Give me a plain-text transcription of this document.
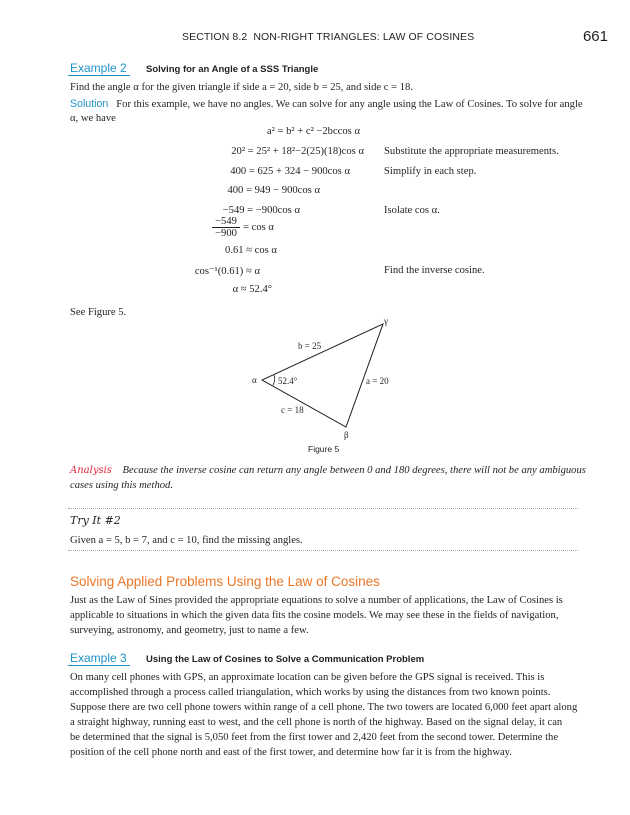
SECTION 8.2 NON-RIGHT TRIANGLES: LAW OF COSINES	661
Example 2 Solving for an Angle of a SSS Triangle
Find the angle α for the given triangle if side a = 20, side b = 25, and side c = 18.
Solution For this example, we have no angles. We can solve for any angle using the Law of Cosines. To solve for angle
α, we have
a² = b² + c² −2bccos α
20² = 25² + 18²−2(25)(18)cos α Substitute the appropriate measurements.
400 = 625 + 324 − 900cos α	Simplify in each step.
400 = 949 − 900cos α
−549 = −900cos α	Isolate cos α.
−549
−900
= cos α
0.61 ≈ cos α
cos⁻¹(0.61) ≈ α	Find the inverse cosine.
α ≈ 52.4°
See Figure 5.
γ
α
β
b = 25
a = 20
c = 18
52.4°
Figure 5
Analysis Because the inverse cosine can return any angle between 0 and 180 degrees, there will not be any ambiguous
cases using this method.
Try It #2
Given a = 5, b = 7, and c = 10, find the missing angles.
Solving Applied Problems Using the Law of Cosines
Just as the Law of Sines provided the appropriate equations to solve a number of applications, the Law of Cosines is
applicable to situations in which the given data fits the cosine models. We may see these in the fields of navigation,
surveying, astronomy, and geometry, just to name a few.
Example 3 Using the Law of Cosines to Solve a Communication Problem
On many cell phones with GPS, an approximate location can be given before the GPS signal is received. This is
accomplished through a process called triangulation, which works by using the distances from two known points.
Suppose there are two cell phone towers within range of a cell phone. The two towers are located 6,000 feet apart along
a straight highway, running east to west, and the cell phone is north of the highway. Based on the signal delay, it can
be determined that the signal is 5,050 feet from the first tower and 2,420 feet from the second tower. Determine the
position of the cell phone north and east of the first tower, and determine how far it is from the highway.
